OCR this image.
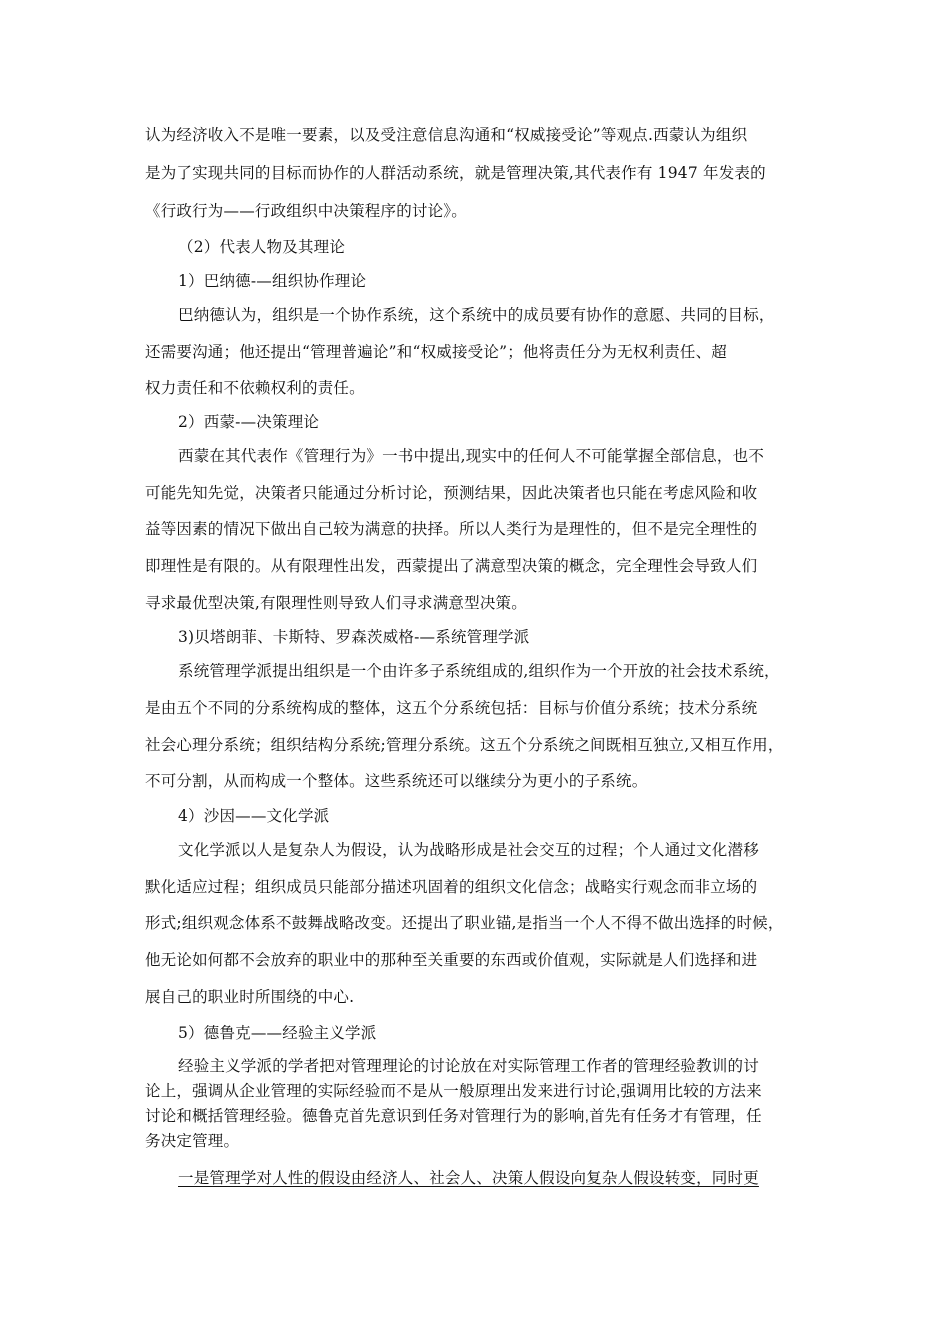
认为经济收入不是唯一要素，以及受注意信息沟通和“权威接受论”等观点.西蒙认为组织
是为了实现共同的目标而协作的人群活动系统，就是管理决策,其代表作有 1947 年发表的
《行政行为——行政组织中决策程序的讨论》。
（2）代表人物及其理论
1）巴纳德-—组织协作理论
巴纳德认为，组织是一个协作系统，这个系统中的成员要有协作的意愿、共同的目标，
还需要沟通；他还提出“管理普遍论”和“权威接受论”；他将责任分为无权利责任、超
权力责任和不依赖权利的责任。
2）西蒙-—决策理论
西蒙在其代表作《管理行为》一书中提出,现实中的任何人不可能掌握全部信息，也不
可能先知先觉，决策者只能通过分析讨论，预测结果，因此决策者也只能在考虑风险和收
益等因素的情况下做出自己较为满意的抉择。所以人类行为是理性的，但不是完全理性的
即理性是有限的。从有限理性出发，西蒙提出了满意型决策的概念，完全理性会导致人们
寻求最优型决策,有限理性则导致人们寻求满意型决策。
3)贝塔朗菲、卡斯特、罗森茨威格-—系统管理学派
系统管理学派提出组织是一个由许多子系统组成的,组织作为一个开放的社会技术系统，
是由五个不同的分系统构成的整体，这五个分系统包括：目标与价值分系统；技术分系统
社会心理分系统；组织结构分系统;管理分系统。这五个分系统之间既相互独立,又相互作用，
不可分割，从而构成一个整体。这些系统还可以继续分为更小的子系统。
4）沙因——文化学派
文化学派以人是复杂人为假设，认为战略形成是社会交互的过程；个人通过文化潜移
默化适应过程；组织成员只能部分描述巩固着的组织文化信念；战略实行观念而非立场的
形式;组织观念体系不鼓舞战略改变。还提出了职业锚,是指当一个人不得不做出选择的时候，
他无论如何都不会放弃的职业中的那种至关重要的东西或价值观，实际就是人们选择和进
展自己的职业时所围绕的中心.
5）德鲁克——经验主义学派
经验主义学派的学者把对管理理论的讨论放在对实际管理工作者的管理经验教训的讨
论上，强调从企业管理的实际经验而不是从一般原理出发来进行讨论,强调用比较的方法来
讨论和概括管理经验。德鲁克首先意识到任务对管理行为的影响,首先有任务才有管理，任
务决定管理。
一是管理学对人性的假设由经济人、社会人、决策人假设向复杂人假设转变，同时更
